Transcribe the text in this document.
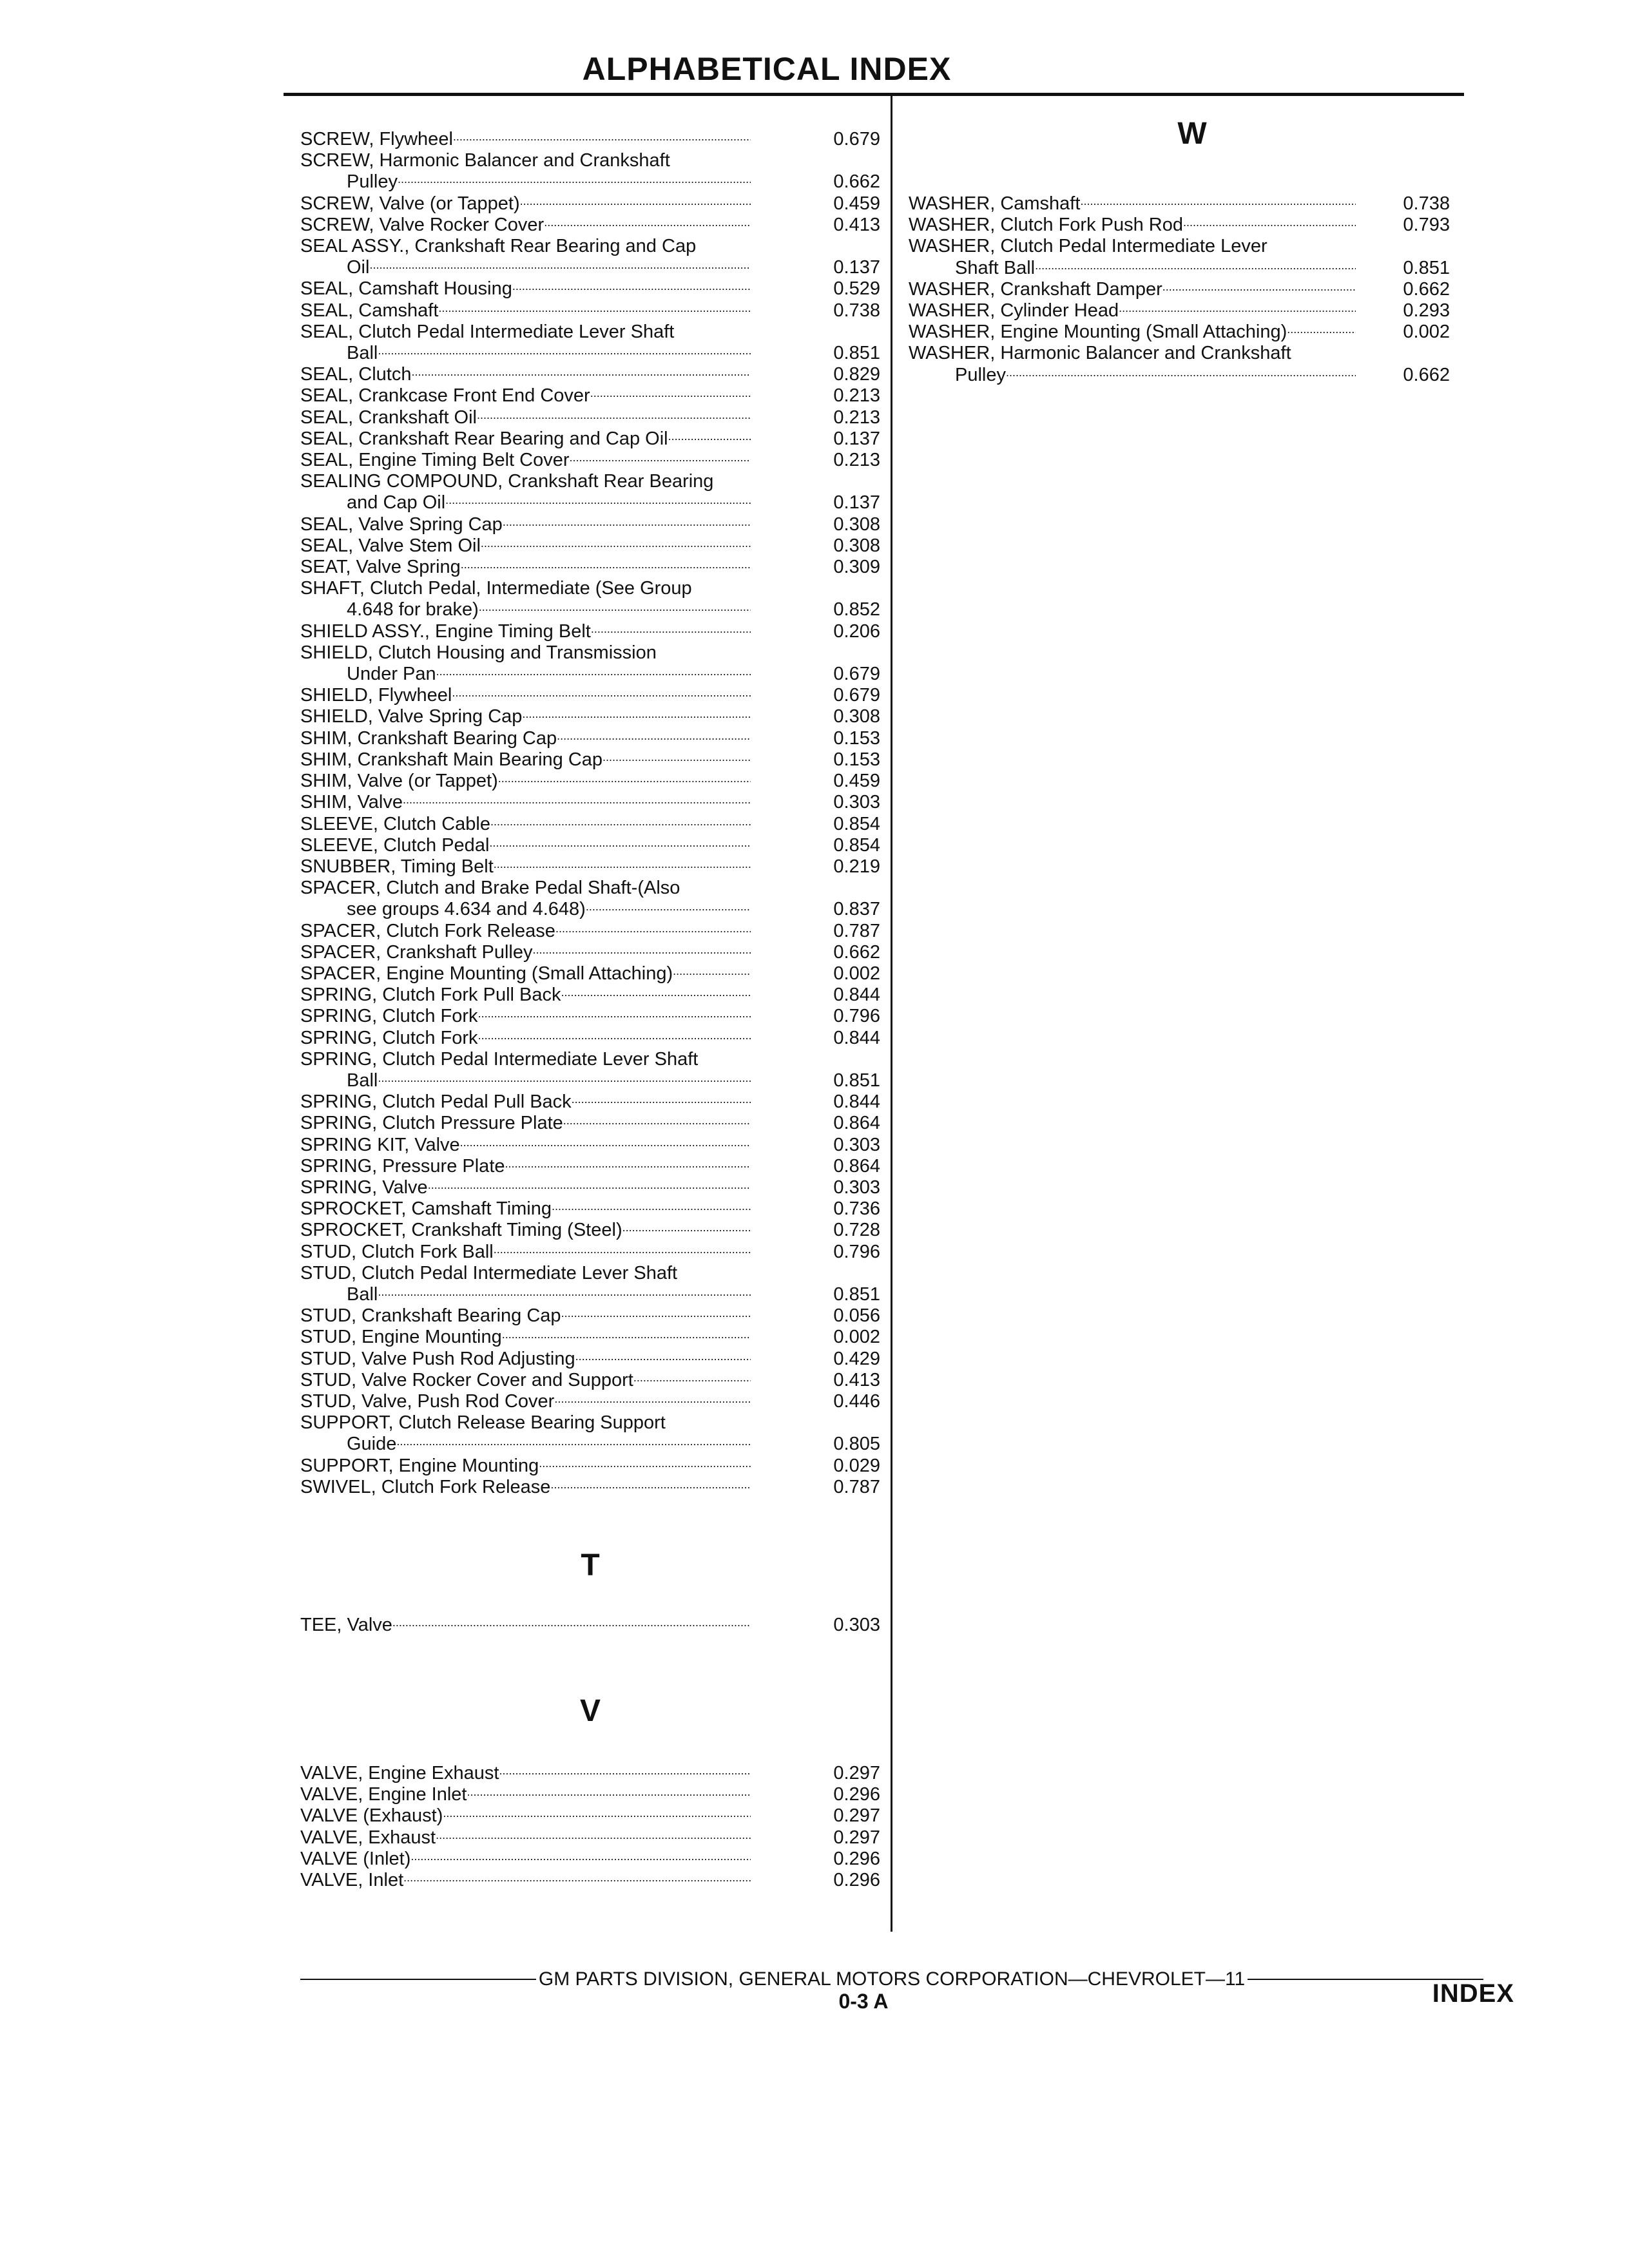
ALPHABETICAL INDEX
SCREW, Flywheel .....	0.679
SCREW, Harmonic Balancer and Crankshaft
Pulley .....	0.662
SCREW, Valve (or Tappet) .....	0.459
SCREW, Valve Rocker Cover .....	0.413
SEAL ASSY., Crankshaft Rear Bearing and Cap
Oil .....	0.137
SEAL, Camshaft Housing .....	0.529
SEAL, Camshaft .....	0.738
SEAL, Clutch Pedal Intermediate Lever Shaft
Ball .....	0.851
SEAL, Clutch .....	0.829
SEAL, Crankcase Front End Cover .....	0.213
SEAL, Crankshaft Oil .....	0.213
SEAL, Crankshaft Rear Bearing and Cap Oil .....	0.137
SEAL, Engine Timing Belt Cover .....	0.213
SEALING COMPOUND, Crankshaft Rear Bearing
and Cap Oil .....	0.137
SEAL, Valve Spring Cap .....	0.308
SEAL, Valve Stem Oil .....	0.308
SEAT, Valve Spring .....	0.309
SHAFT, Clutch Pedal, Intermediate (See Group
4.648 for brake) .....	0.852
SHIELD ASSY., Engine Timing Belt .....	0.206
SHIELD, Clutch Housing and Transmission
Under Pan .....	0.679
SHIELD, Flywheel .....	0.679
SHIELD, Valve Spring Cap .....	0.308
SHIM, Crankshaft Bearing Cap .....	0.153
SHIM, Crankshaft Main Bearing Cap .....	0.153
SHIM, Valve (or Tappet) .....	0.459
SHIM, Valve .....	0.303
SLEEVE, Clutch Cable .....	0.854
SLEEVE, Clutch Pedal .....	0.854
SNUBBER, Timing Belt .....	0.219
SPACER, Clutch and Brake Pedal Shaft-(Also
see groups 4.634 and 4.648) .....	0.837
SPACER, Clutch Fork Release .....	0.787
SPACER, Crankshaft Pulley .....	0.662
SPACER, Engine Mounting (Small Attaching) .....	0.002
SPRING, Clutch Fork Pull Back .....	0.844
SPRING, Clutch Fork .....	0.796
SPRING, Clutch Fork .....	0.844
SPRING, Clutch Pedal Intermediate Lever Shaft
Ball .....	0.851
SPRING, Clutch Pedal Pull Back .....	0.844
SPRING, Clutch Pressure Plate .....	0.864
SPRING KIT, Valve .....	0.303
SPRING, Pressure Plate .....	0.864
SPRING, Valve .....	0.303
SPROCKET, Camshaft Timing .....	0.736
SPROCKET, Crankshaft Timing (Steel) .....	0.728
STUD, Clutch Fork Ball .....	0.796
STUD, Clutch Pedal Intermediate Lever Shaft
Ball .....	0.851
STUD, Crankshaft Bearing Cap .....	0.056
STUD, Engine Mounting .....	0.002
STUD, Valve Push Rod Adjusting .....	0.429
STUD, Valve Rocker Cover and Support .....	0.413
STUD, Valve, Push Rod Cover .....	0.446
SUPPORT, Clutch Release Bearing Support
Guide .....	0.805
SUPPORT, Engine Mounting .....	0.029
SWIVEL, Clutch Fork Release .....	0.787
T
TEE, Valve .....	0.303
V
VALVE, Engine Exhaust .....	0.297
VALVE, Engine Inlet .....	0.296
VALVE (Exhaust) .....	0.297
VALVE, Exhaust .....	0.297
VALVE (Inlet) .....	0.296
VALVE, Inlet .....	0.296
W
WASHER, Camshaft .....	0.738
WASHER, Clutch Fork Push Rod .....	0.793
WASHER, Clutch Pedal Intermediate Lever
Shaft Ball .....	0.851
WASHER, Crankshaft Damper .....	0.662
WASHER, Cylinder Head .....	0.293
WASHER, Engine Mounting (Small Attaching) .....	0.002
WASHER, Harmonic Balancer and Crankshaft
Pulley .....	0.662
GM PARTS DIVISION, GENERAL MOTORS CORPORATION—CHEVROLET—11
0-3 A	INDEX
